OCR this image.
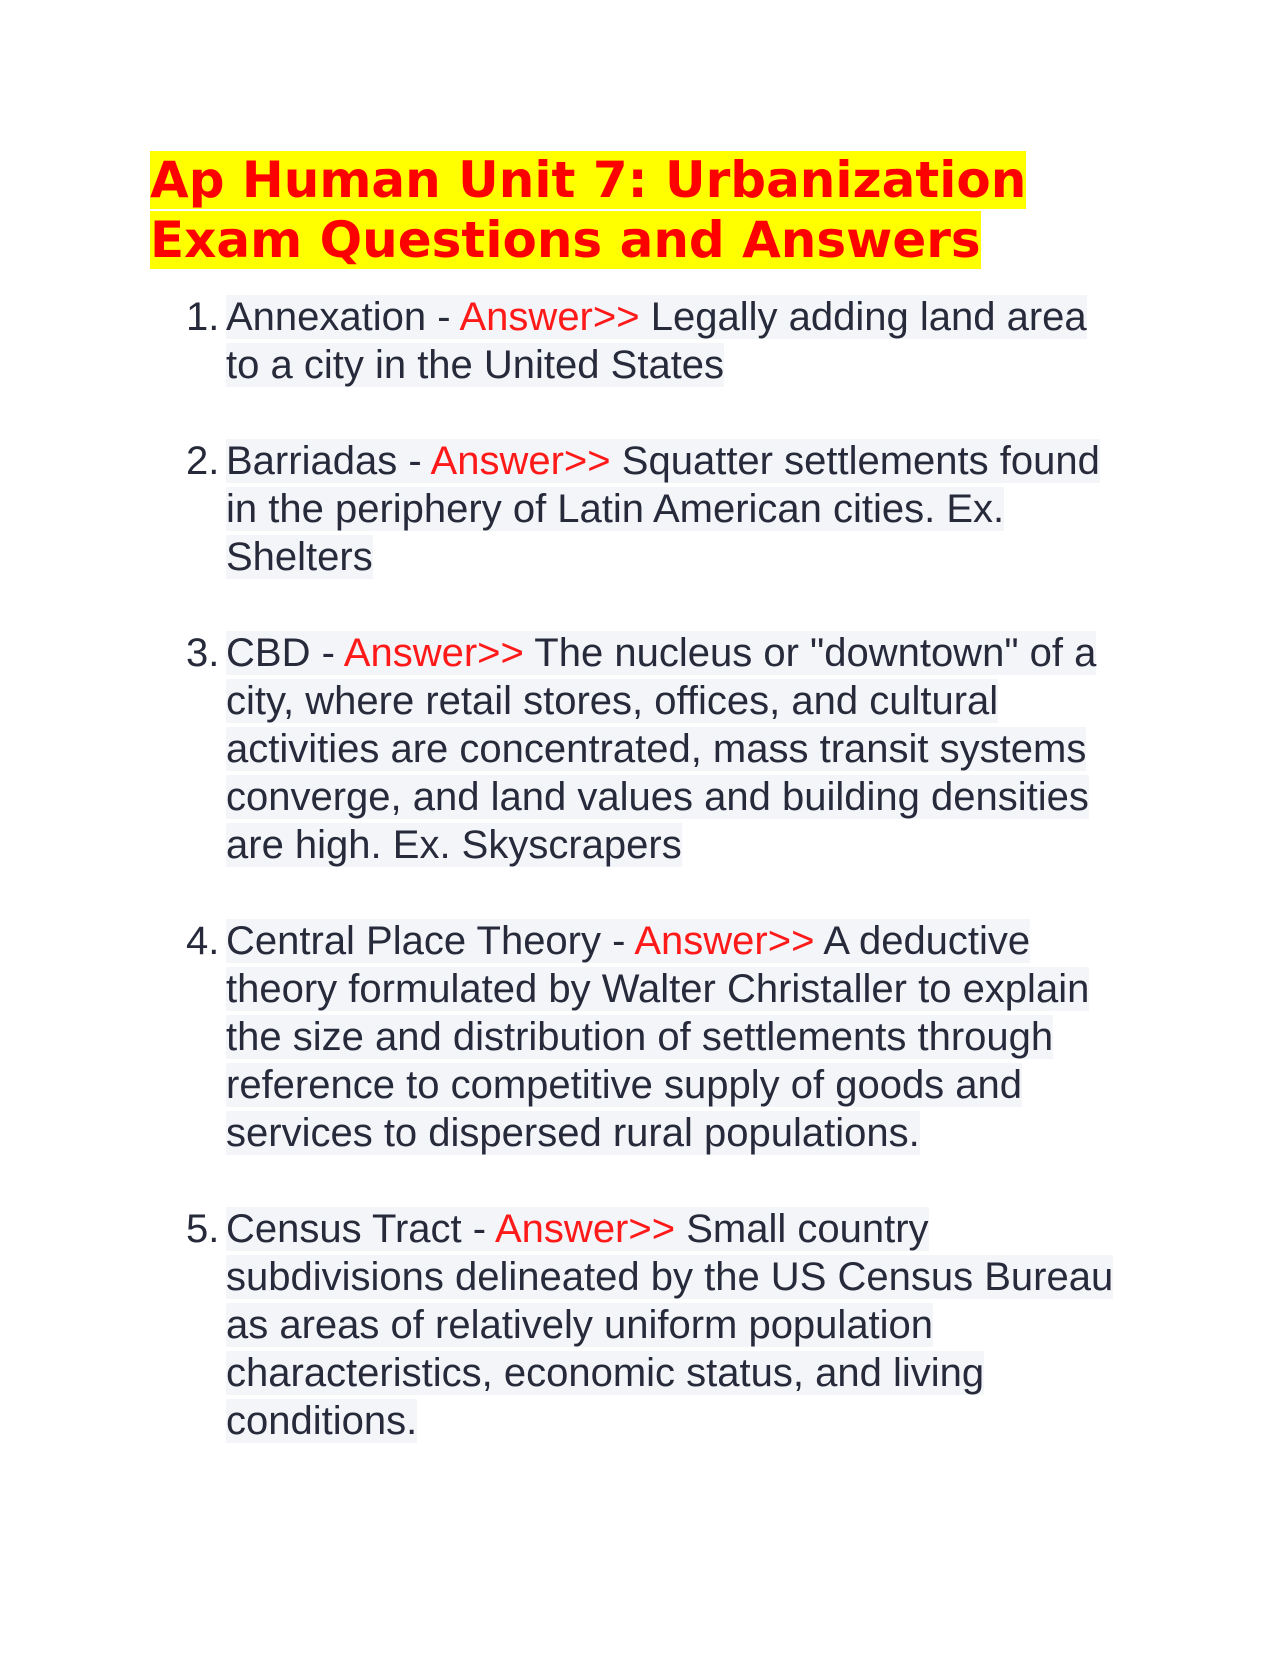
Ap Human Unit 7: Urbanization Exam Questions and Answers
1. Annexation - Answer>> Legally adding land area to a city in the United States
2. Barriadas - Answer>> Squatter settlements found in the periphery of Latin American cities. Ex. Shelters
3. CBD - Answer>> The nucleus or "downtown" of a city, where retail stores, offices, and cultural activities are concentrated, mass transit systems converge, and land values and building densities are high. Ex. Skyscrapers
4. Central Place Theory - Answer>> A deductive theory formulated by Walter Christaller to explain the size and distribution of settlements through reference to competitive supply of goods and services to dispersed rural populations.
5. Census Tract - Answer>> Small country subdivisions delineated by the US Census Bureau as areas of relatively uniform population characteristics, economic status, and living conditions.
